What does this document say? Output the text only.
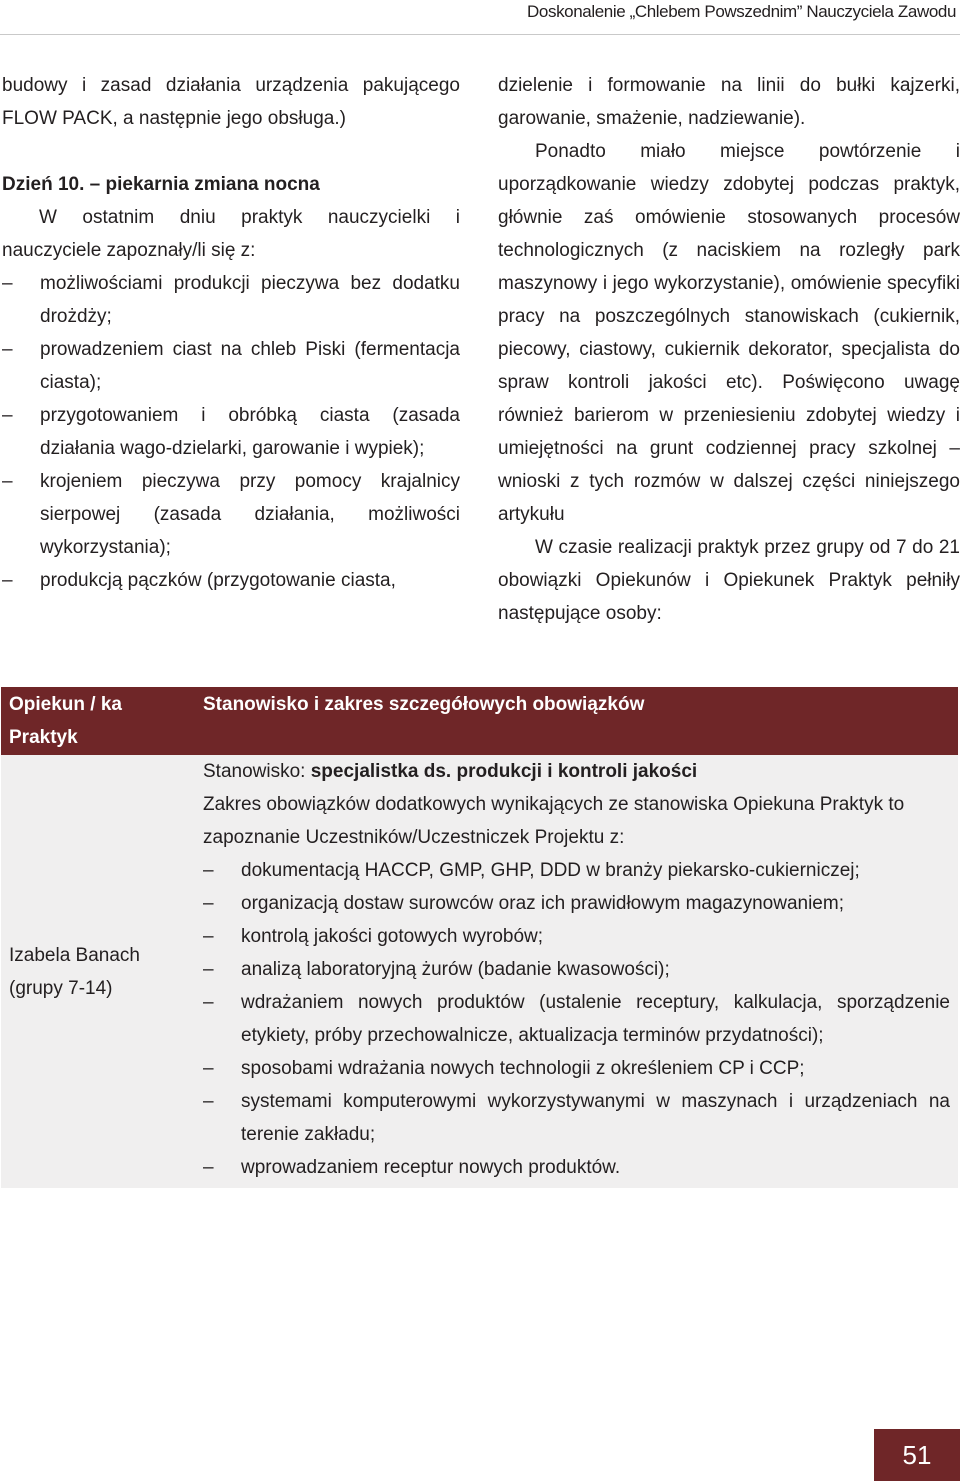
Doskonalenie „Chlebem Powszednim” Nauczyciela Zawodu

budowy i zasad działania urządzenia pakującego FLOW PACK, a następnie jego obsługa.)

Dzień 10. – piekarnia zmiana nocna

W ostatnim dniu praktyk nauczycielki i nauczyciele zapoznały/li się z:

– możliwościami produkcji pieczywa bez dodatku drożdży;
– prowadzeniem ciast na chleb Piski (fermentacja ciasta);
– przygotowaniem i obróbką ciasta (zasada działania wago-dzielarki, garowanie i wypiek);
– krojeniem pieczywa przy pomocy krajalnicy sierpowej (zasada działania, możliwości wykorzystania);
– produkcją pączków (przygotowanie ciasta,

dzielenie i formowanie na linii do bułki kajzerki, garowanie, smażenie, nadziewanie).

Ponadto miało miejsce powtórzenie i uporządkowanie wiedzy zdobytej podczas praktyk, głównie zaś omówienie stosowanych procesów technologicznych (z naciskiem na rozległy park maszynowy i jego wykorzystanie), omówienie specyfiki pracy na poszczególnych stanowiskach (cukiernik, piecowy, ciastowy, cukiernik dekorator, specjalista do spraw kontroli jakości etc). Poświęcono uwagę również barierom w przeniesieniu zdobytej wiedzy i umiejętności na grunt codziennej pracy szkolnej – wnioski z tych rozmów w dalszej części niniejszego artykułu

W czasie realizacji praktyk przez grupy od 7 do 21 obowiązki Opiekunów i Opiekunek Praktyk pełniły następujące osoby:

Opiekun / ka Praktyk
Stanowisko i zakres szczegółowych obowiązków
Izabela Banach
(grupy 7-14)

Stanowisko: specjalistka ds. produkcji i kontroli jakości

Zakres obowiązków dodatkowych wynikających ze stanowiska Opiekuna Praktyk to zapoznanie Uczestników/Uczestniczek Projektu z:

– dokumentacją HACCP, GMP, GHP, DDD w branży piekarsko-cukierniczej;
– organizacją dostaw surowców oraz ich prawidłowym magazynowaniem;
– kontrolą jakości gotowych wyrobów;
– analizą laboratoryjną żurów (badanie kwasowości);
– wdrażaniem nowych produktów (ustalenie receptury, kalkulacja, sporządzenie etykiety, próby przechowalnicze, aktualizacja terminów przydatności);
– sposobami wdrażania nowych technologii z określeniem CP i CCP;
– systemami komputerowymi wykorzystywanymi w maszynach i urządzeniach na terenie zakładu;
– wprowadzaniem receptur nowych produktów.
51
